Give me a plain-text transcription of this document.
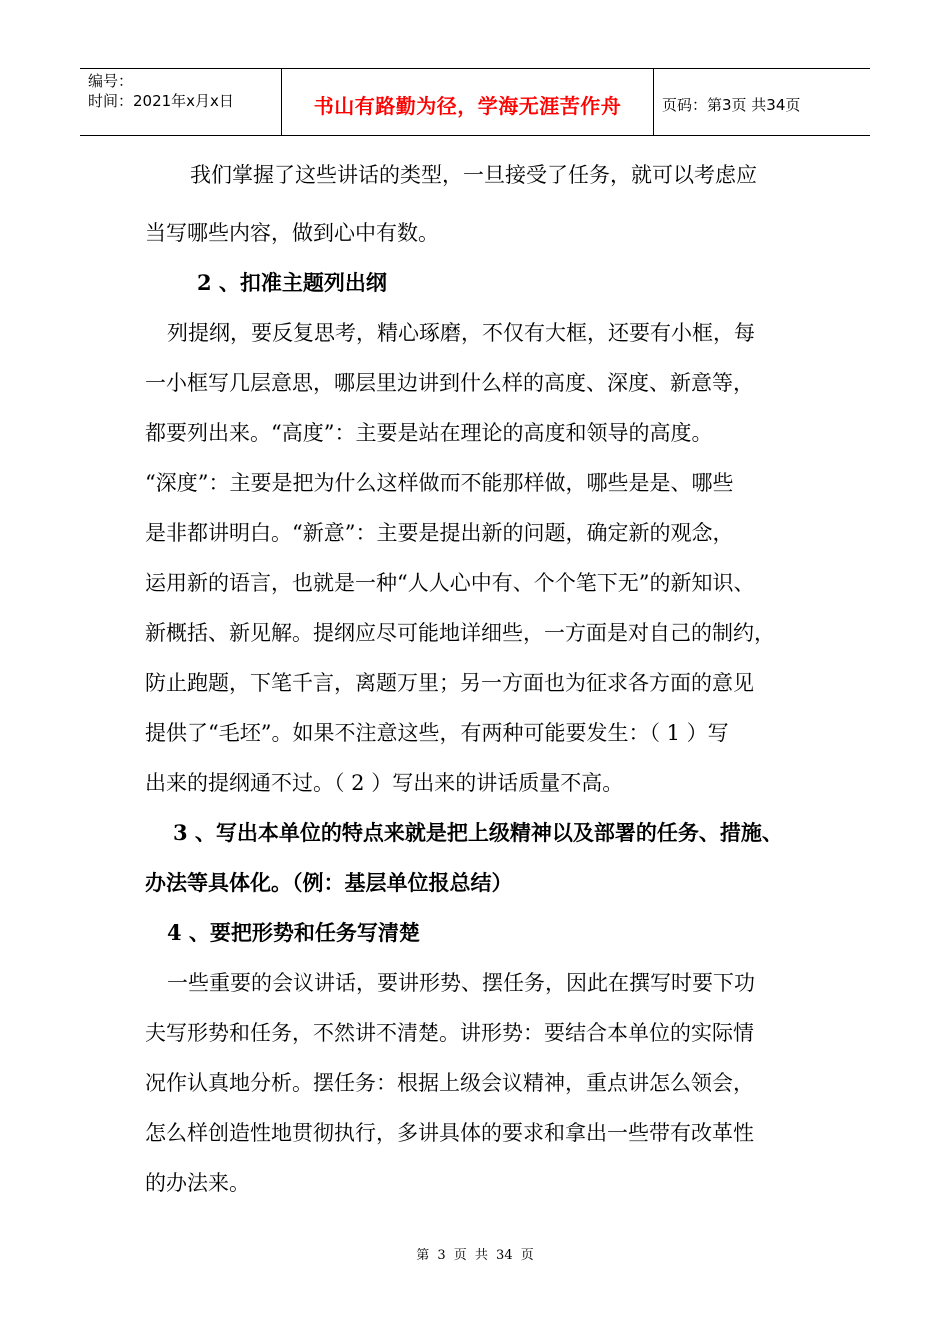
编号：
时间：2021年x月x日	书山有路勤为径，学海无涯苦作舟	页码：第3页 共34页
我们掌握了这些讲话的类型，一旦接受了任务，就可以考虑应
当写哪些内容，做到心中有数。
2 、扣准主题列出纲
列提纲，要反复思考，精心琢磨，不仅有大框，还要有小框，每
一小框写几层意思，哪层里边讲到什么样的高度、深度、新意等，
都要列出来。“高度”：主要是站在理论的高度和领导的高度。
“深度”：主要是把为什么这样做而不能那样做，哪些是是、哪些
是非都讲明白。“新意”：主要是提出新的问题，确定新的观念，
运用新的语言，也就是一种“人人心中有、个个笔下无”的新知识、
新概括、新见解。提纲应尽可能地详细些，一方面是对自己的制约，
防止跑题，下笔千言，离题万里；另一方面也为征求各方面的意见
提供了“毛坯”。如果不注意这些，有两种可能要发生：（ 1 ）写
出来的提纲通不过。（ 2 ）写出来的讲话质量不高。
3 、写出本单位的特点来就是把上级精神以及部署的任务、措施、
办法等具体化。（例：基层单位报总结）
4 、要把形势和任务写清楚
一些重要的会议讲话，要讲形势、摆任务，因此在撰写时要下功
夫写形势和任务，不然讲不清楚。讲形势：要结合本单位的实际情
况作认真地分析。摆任务：根据上级会议精神，重点讲怎么领会，
怎么样创造性地贯彻执行，多讲具体的要求和拿出一些带有改革性
的办法来。
第 3 页 共 34 页
